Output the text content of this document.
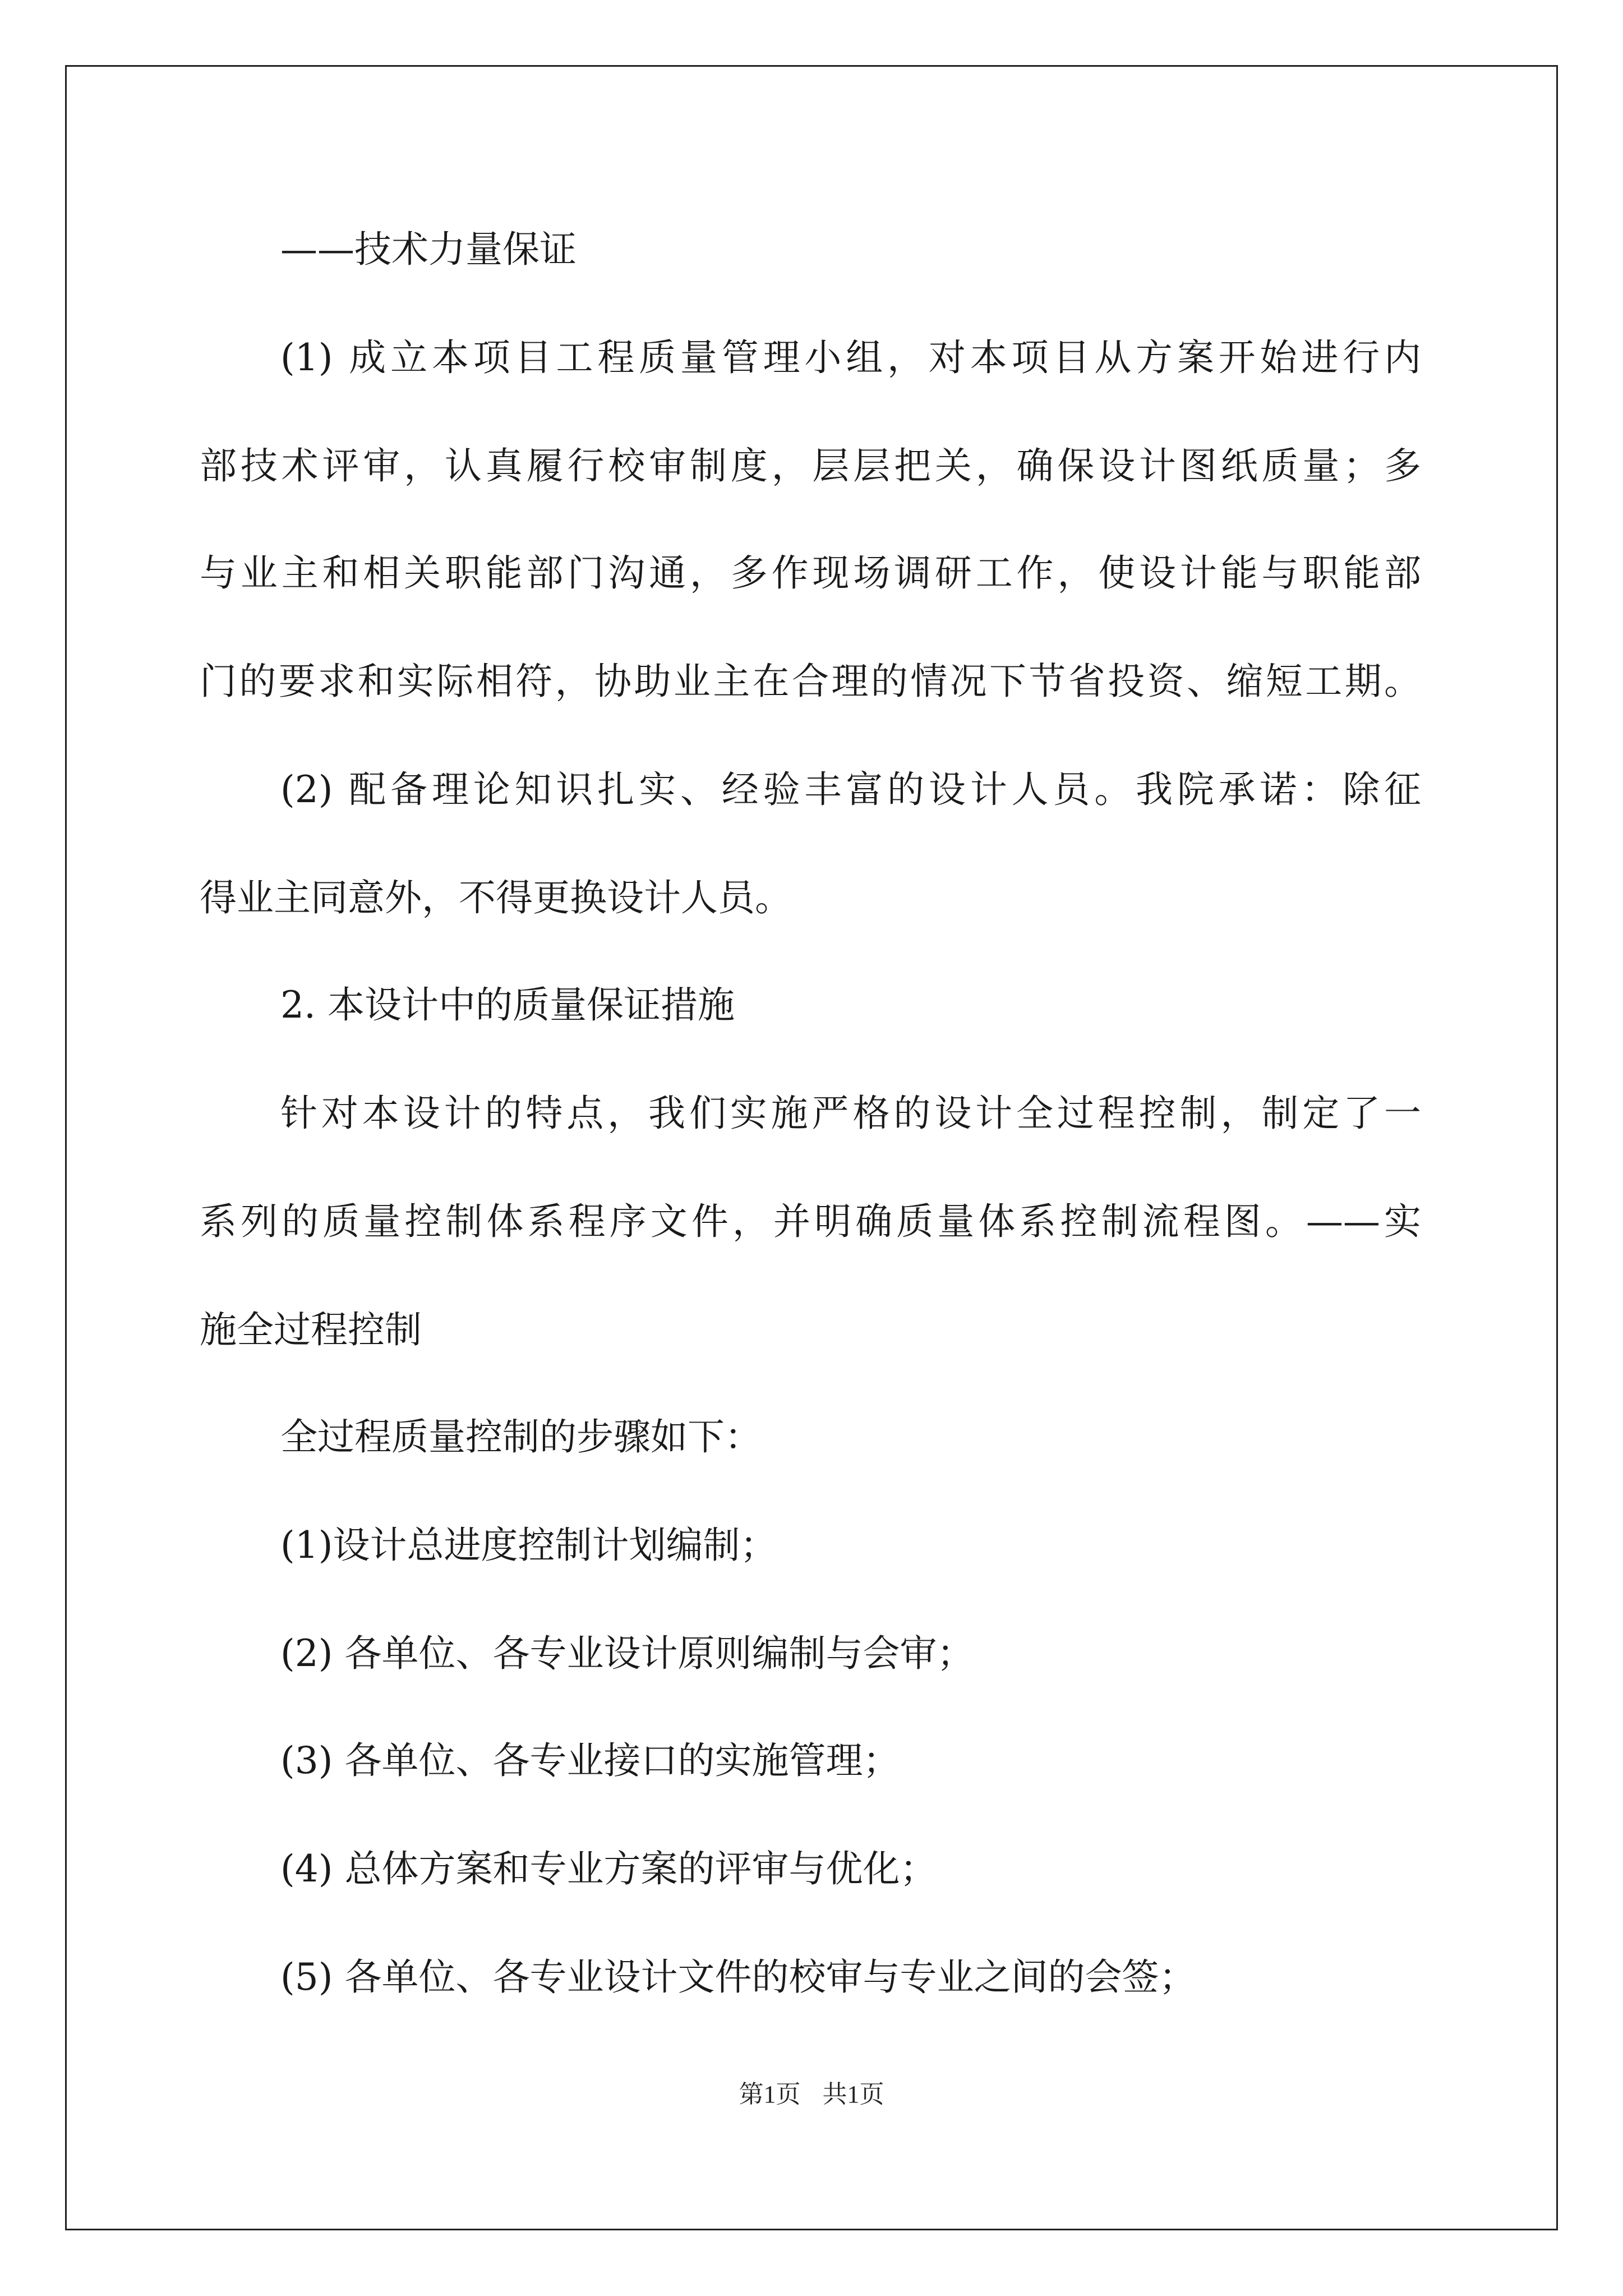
——技术力量保证
(1) 成立本项目工程质量管理小组，对本项目从方案开始进行内
部技术评审，认真履行校审制度，层层把关，确保设计图纸质量；多
与业主和相关职能部门沟通，多作现场调研工作，使设计能与职能部
门的要求和实际相符，协助业主在合理的情况下节省投资、缩短工期。
(2) 配备理论知识扎实、经验丰富的设计人员。我院承诺：除征
得业主同意外，不得更换设计人员。
2. 本设计中的质量保证措施
针对本设计的特点，我们实施严格的设计全过程控制，制定了一
系列的质量控制体系程序文件，并明确质量体系控制流程图。——实
施全过程控制
全过程质量控制的步骤如下：
(1)设计总进度控制计划编制；
(2) 各单位、各专业设计原则编制与会审；
(3) 各单位、各专业接口的实施管理；
(4) 总体方案和专业方案的评审与优化；
(5) 各单位、各专业设计文件的校审与专业之间的会签；
第1页 共1页
